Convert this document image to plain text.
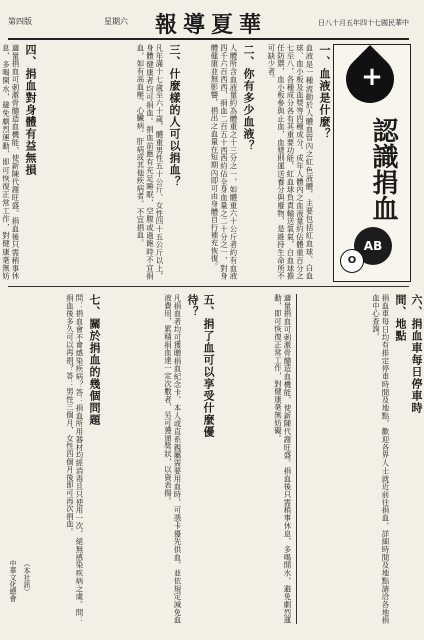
第四版	星期六	華夏導報	中華民國七十四年五月十八日
+
認識捐血
AB
O
一、血液是什麼？

血液是一種流動於人體血管內之紅色液體，主要包括紅血球、白血球、血小板及血漿等四種成分。成年人體內之血液量約佔體重百分之七至八，各種成分各有其重要功能，紅血球負責輸送氧氣，白血球擔任防禦，血小板參與止血，血漿則運送養分與廢物，是維持生命所不可缺少者。

二、你有多少血液？

人體所含血液量約為體重之十三分之一，如體重六十公斤者約有血液四千六百西西，捐血二百五十西西約佔全身血量之二十分之一，對身體健康並無影響，捐出之血量在短期內即可由身體自行補充恢復。

三、什麼樣的人可以捐血？

凡年滿十七歲至六十歲，體重男性五十公斤、女性四十五公斤以上，身體健康者均可捐血。捐血前應有充足睡眠，空腹或過飽時不宜捐血，如有高血壓、心臟病、肝病或其他疾病者，不宜捐血。

四、捐血對身體有益無損

適量捐血可刺激骨髓造血機能，使新陳代謝旺盛。捐血後只需稍事休息，多喝開水，避免劇烈運動，即可恢復正常工作，對健康毫無妨

六、捐血車每日停車時間、地點

捐血車每日均有排定停車時間及地點，歡迎各界人士就近前往捐血，詳細時間及地點請洽各地捐血中心查詢。

適量捐血可刺激骨髓造血機能，使新陳代謝旺盛。捐血後只需稍事休息，多喝開水，避免劇烈運動，即可恢復正常工作，對健康毫無妨礙。

五、捐了血可以享受什麼優待？

凡捐血者均可獲贈捐血紀念卡，本人或直系親屬需要用血時，可憑卡優先供血，並依規定減免血液費用，累積捐血達一定次數者，另可獲頒獎狀，以資表揚。

七、關於捐血的幾個問題

問：捐血會不會感染疾病？答：捐血所用器材均經消毒且只使用一次，絕無感染疾病之虞。問：捐血後多久可以再捐？答：男性三個月，女性四個月後即可再次捐血。

（本社訊）
中華文化總會
